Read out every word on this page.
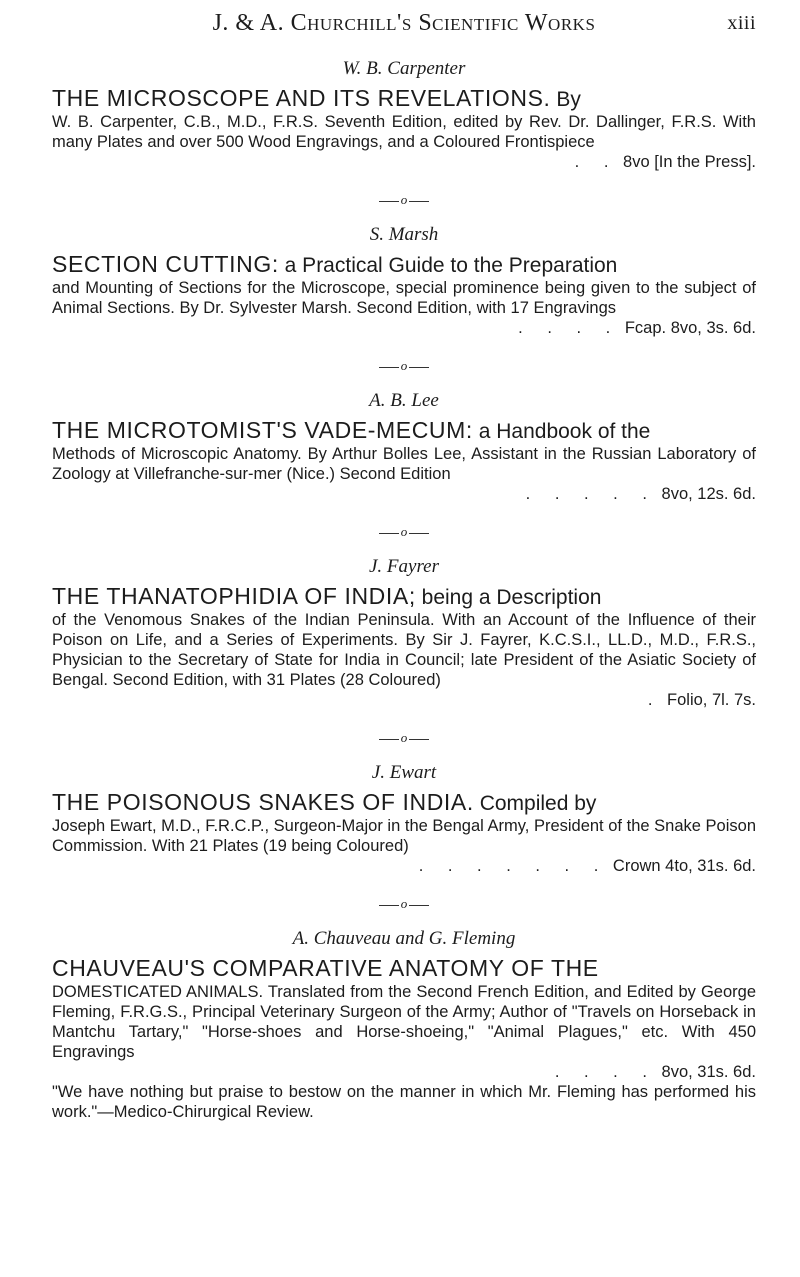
J. & A. Churchill's Scientific Works	xiii

W. B. Carpenter

THE MICROSCOPE AND ITS REVELATIONS. By

W. B. Carpenter, C.B., M.D., F.R.S. Seventh Edition, edited by Rev. Dr. Dallinger, F.R.S. With many Plates and over 500 Wood Engravings, and a Coloured Frontispiece

. . 8vo [In the Press].

o

S. Marsh

SECTION CUTTING: a Practical Guide to the Preparation

and Mounting of Sections for the Microscope, special prominence being given to the subject of Animal Sections. By Dr. Sylvester Marsh. Second Edition, with 17 Engravings

. . . . Fcap. 8vo, 3s. 6d.

o

A. B. Lee

THE MICROTOMIST'S VADE-MECUM: a Handbook of the

Methods of Microscopic Anatomy. By Arthur Bolles Lee, Assistant in the Russian Laboratory of Zoology at Villefranche-sur-mer (Nice.) Second Edition

. . . . . 8vo, 12s. 6d.

o

J. Fayrer

THE THANATOPHIDIA OF INDIA; being a Description

of the Venomous Snakes of the Indian Peninsula. With an Account of the Influence of their Poison on Life, and a Series of Experiments. By Sir J. Fayrer, K.C.S.I., LL.D., M.D., F.R.S., Physician to the Secretary of State for India in Council; late President of the Asiatic Society of Bengal. Second Edition, with 31 Plates (28 Coloured)

. Folio, 7l. 7s.

o

J. Ewart

THE POISONOUS SNAKES OF INDIA. Compiled by

Joseph Ewart, M.D., F.R.C.P., Surgeon-Major in the Bengal Army, President of the Snake Poison Commission. With 21 Plates (19 being Coloured)

. . . . . . . Crown 4to, 31s. 6d.

o

A. Chauveau and G. Fleming

CHAUVEAU'S COMPARATIVE ANATOMY OF THE

DOMESTICATED ANIMALS. Translated from the Second French Edition, and Edited by George Fleming, F.R.G.S., Principal Veterinary Surgeon of the Army; Author of "Travels on Horseback in Mantchu Tartary," "Horse-shoes and Horse-shoeing," "Animal Plagues," etc. With 450 Engravings

. . . . 8vo, 31s. 6d.

"We have nothing but praise to bestow on the manner in which Mr. Fleming has performed his work."—Medico-Chirurgical Review.
